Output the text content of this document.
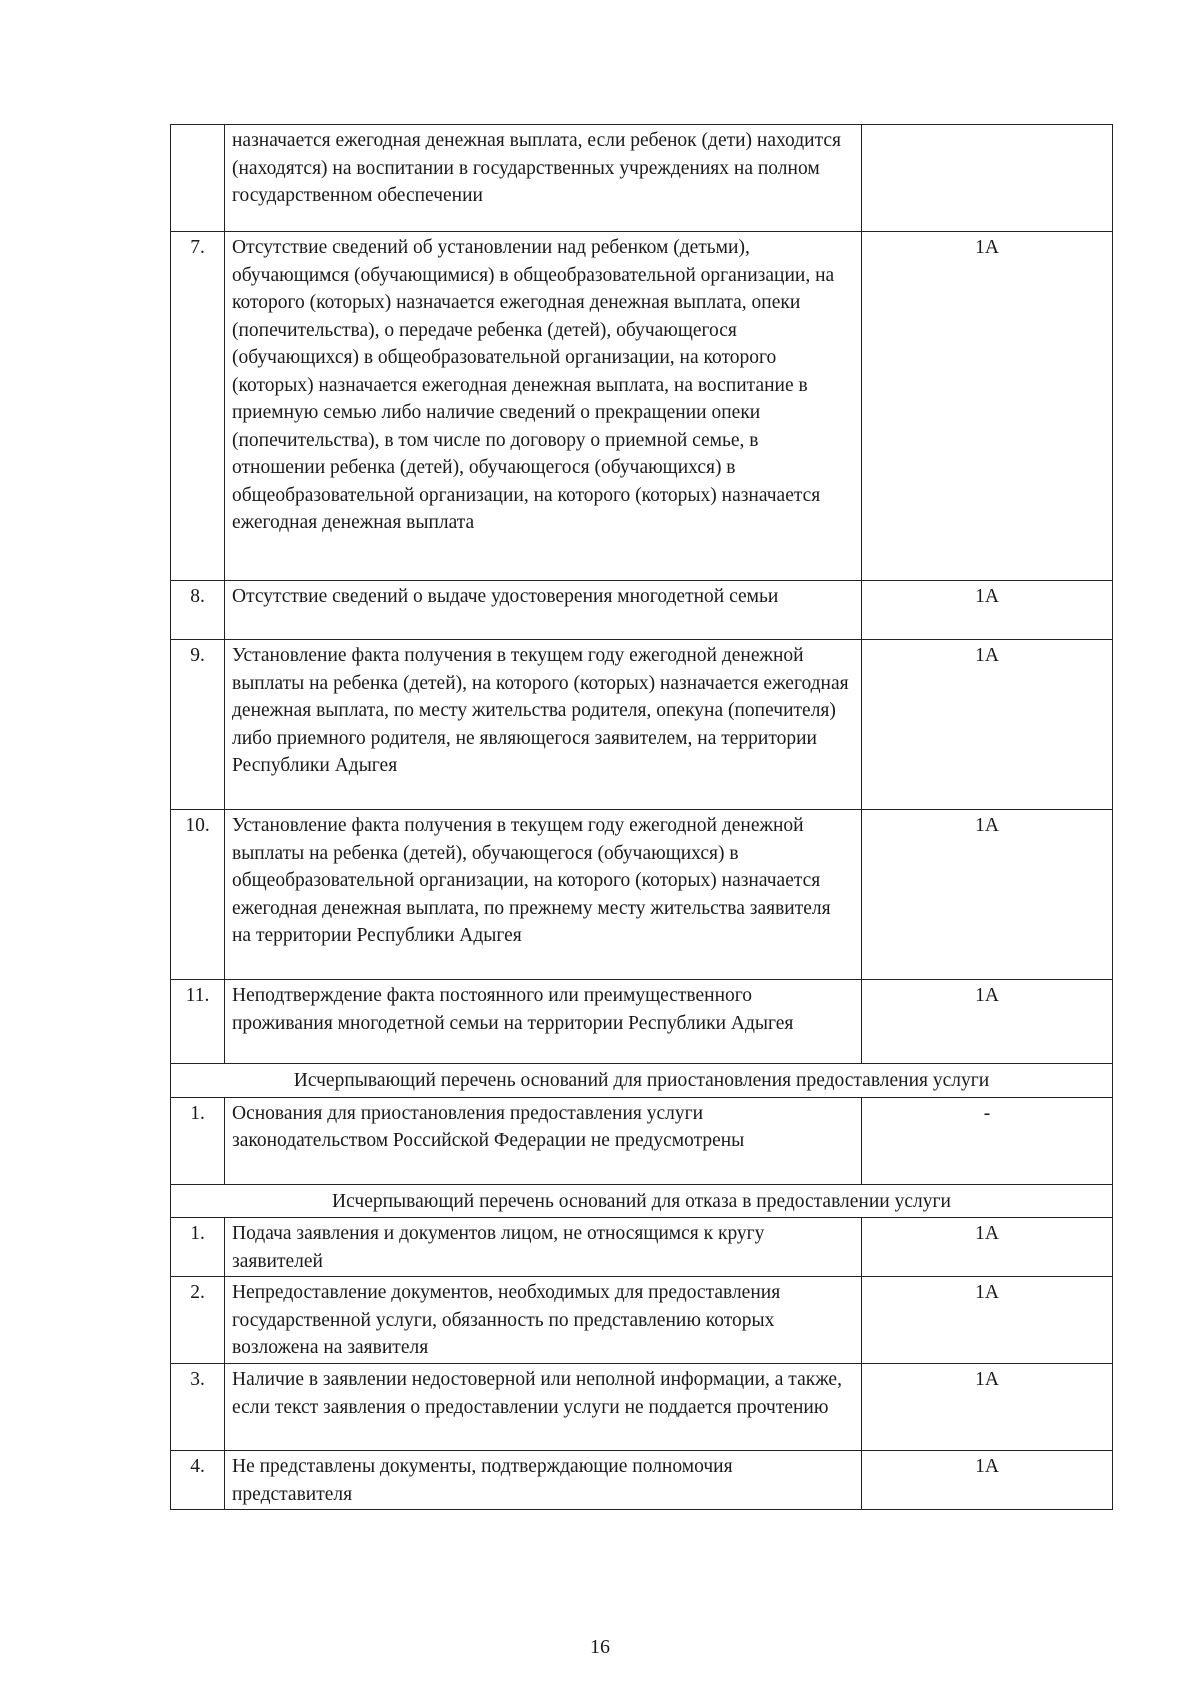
	назначается ежегодная денежная выплата, если ребенок (дети) находится (находятся) на воспитании в государственных учреждениях на полном государственном обеспечении	
7.	Отсутствие сведений об установлении над ребенком (детьми), обучающимся (обучающимися) в общеобразовательной организации, на которого (которых) назначается ежегодная денежная выплата, опеки (попечительства), о передаче ребенка (детей), обучающегося (обучающихся) в общеобразовательной организации, на которого (которых) назначается ежегодная денежная выплата, на воспитание в приемную семью либо наличие сведений о прекращении опеки (попечительства), в том числе по договору о приемной семье, в отношении ребенка (детей), обучающегося (обучающихся) в общеобразовательной организации, на которого (которых) назначается ежегодная денежная выплата	1А
8.	Отсутствие сведений о выдаче удостоверения многодетной семьи	1А
9.	Установление факта получения в текущем году ежегодной денежной выплаты на ребенка (детей), на которого (которых) назначается ежегодная денежная выплата, по месту жительства родителя, опекуна (попечителя) либо приемного родителя, не являющегося заявителем, на территории Республики Адыгея	1А
10.	Установление факта получения в текущем году ежегодной денежной выплаты на ребенка (детей), обучающегося (обучающихся) в общеобразовательной организации, на которого (которых) назначается ежегодная денежная выплата, по прежнему месту жительства заявителя на территории Республики Адыгея	1А
11.	Неподтверждение факта постоянного или преимущественного проживания многодетной семьи на территории Республики Адыгея	1А
Исчерпывающий перечень оснований для приостановления предоставления услуги		
1.	Основания для приостановления предоставления услуги законодательством Российской Федерации не предусмотрены	-
Исчерпывающий перечень оснований для отказа в предоставлении услуги		
1.	Подача заявления и документов лицом, не относящимся к кругу заявителей	1А
2.	Непредоставление документов, необходимых для предоставления государственной услуги, обязанность по представлению которых возложена на заявителя	1А
3.	Наличие в заявлении недостоверной или неполной информации, а также, если текст заявления о предоставлении услуги не поддается прочтению	1А
4.	Не представлены документы, подтверждающие полномочия представителя	1А
16
